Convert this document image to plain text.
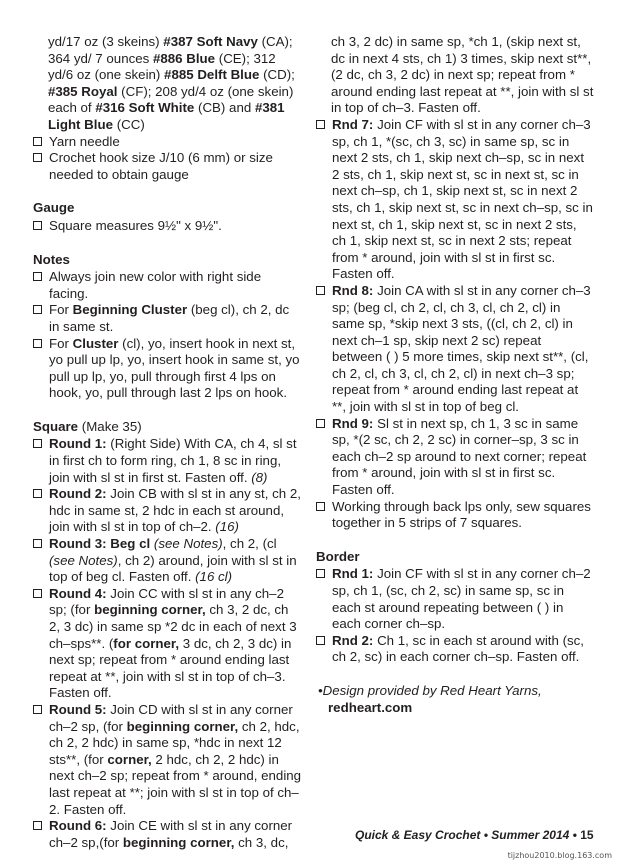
yd/17 oz (3 skeins) #387 Soft Navy (CA); 364 yd/ 7 ounces #886 Blue (CE); 312 yd/6 oz (one skein) #885 Delft Blue (CD); #385 Royal (CF); 208 yd/4 oz (one skein) each of #316 Soft White (CB) and #381 Light Blue (CC)

Yarn needle
Crochet hook size J/10 (6 mm) or size needed to obtain gauge
Gauge
Square measures 9½" x 9½".
Notes
Always join new color with right side facing.
For Beginning Cluster (beg cl), ch 2, dc in same st.
For Cluster (cl), yo, insert hook in next st, yo pull up lp, yo, insert hook in same st, yo pull up lp, yo, pull through first 4 lps on hook, yo, pull through last 2 lps on hook.
Square (Make 35)
Round 1: (Right Side) With CA, ch 4, sl st in first ch to form ring, ch 1, 8 sc in ring, join with sl st in first st. Fasten off. (8)
Round 2: Join CB with sl st in any st, ch 2, hdc in same st, 2 hdc in each st around, join with sl st in top of ch–2. (16)
Round 3: Beg cl (see Notes), ch 2, (cl (see Notes), ch 2) around, join with sl st in top of beg cl. Fasten off. (16 cl)
Round 4: Join CC with sl st in any ch–2 sp; (for beginning corner, ch 3, 2 dc, ch 2, 3 dc) in same sp *2 dc in each of next 3 ch–sps**. (for corner, 3 dc, ch 2, 3 dc) in next sp; repeat from * around ending last repeat at **, join with sl st in top of ch–3. Fasten off.
Round 5: Join CD with sl st in any corner ch–2 sp, (for beginning corner, ch 2, hdc, ch 2, 2 hdc) in same sp, *hdc in next 12 sts**, (for corner, 2 hdc, ch 2, 2 hdc) in next ch–2 sp; repeat from * around, ending last repeat at **; join with sl st in top of ch–2. Fasten off.
Round 6: Join CE with sl st in any corner ch–2 sp,(for beginning corner, ch 3, dc,

ch 3, 2 dc) in same sp, *ch 1, (skip next st, dc in next 4 sts, ch 1) 3 times, skip next st**, (2 dc, ch 3, 2 dc) in next sp; repeat from * around ending last repeat at **, join with sl st in top of ch–3. Fasten off.

Rnd 7: Join CF with sl st in any corner ch–3 sp, ch 1, *(sc, ch 3, sc) in same sp, sc in next 2 sts, ch 1, skip next ch–sp, sc in next 2 sts, ch 1, skip next st, sc in next st, sc in next ch–sp, ch 1, skip next st, sc in next 2 sts, ch 1, skip next st, sc in next ch–sp, sc in next st, ch 1, skip next st, sc in next 2 sts, ch 1, skip next st, sc in next 2 sts; repeat from * around, join with sl st in first sc. Fasten off.
Rnd 8: Join CA with sl st in any corner ch–3 sp; (beg cl, ch 2, cl, ch 3, cl, ch 2, cl) in same sp, *skip next 3 sts, ((cl, ch 2, cl) in next ch–1 sp, skip next 2 sc) repeat between ( ) 5 more times, skip next st**, (cl, ch 2, cl, ch 3, cl, ch 2, cl) in next ch–3 sp; repeat from * around ending last repeat at **, join with sl st in top of beg cl.
Rnd 9: Sl st in next sp, ch 1, 3 sc in same sp, *(2 sc, ch 2, 2 sc) in corner–sp, 3 sc in each ch–2 sp around to next corner; repeat from * around, join with sl st in first sc. Fasten off.
Working through back lps only, sew squares together in 5 strips of 7 squares.
Border
Rnd 1: Join CF with sl st in any corner ch–2 sp, ch 1, (sc, ch 2, sc) in same sp, sc in each st around repeating between ( ) in each corner ch–sp.
Rnd 2: Ch 1, sc in each st around with (sc, ch 2, sc) in each corner ch–sp. Fasten off.
•Design provided by Red Heart Yarns,
redheart.com
Quick & Easy Crochet • Summer 2014 • 15
tijzhou2010.blog.163.com
